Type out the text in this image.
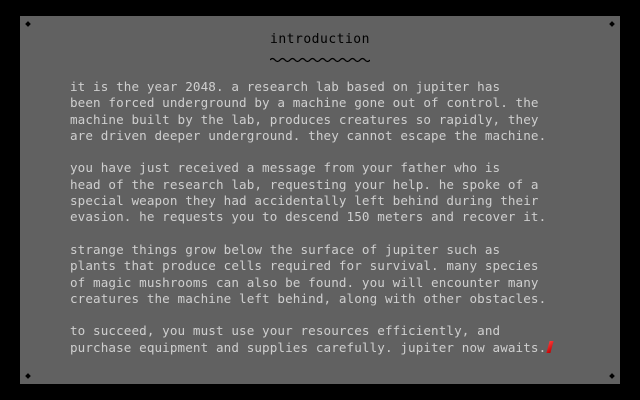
introduction

it is the year 2048. a research lab based on jupiter has
been forced underground by a machine gone out of control. the
machine built by the lab, produces creatures so rapidly, they
are driven deeper underground. they cannot escape the machine.

you have just received a message from your father who is
head of the research lab, requesting your help. he spoke of a
special weapon they had accidentally left behind during their
evasion. he requests you to descend 150 meters and recover it.

strange things grow below the surface of jupiter such as
plants that produce cells required for survival. many species
of magic mushrooms can also be found. you will encounter many
creatures the machine left behind, along with other obstacles.

to succeed, you must use your resources efficiently, and
purchase equipment and supplies carefully. jupiter now awaits.
